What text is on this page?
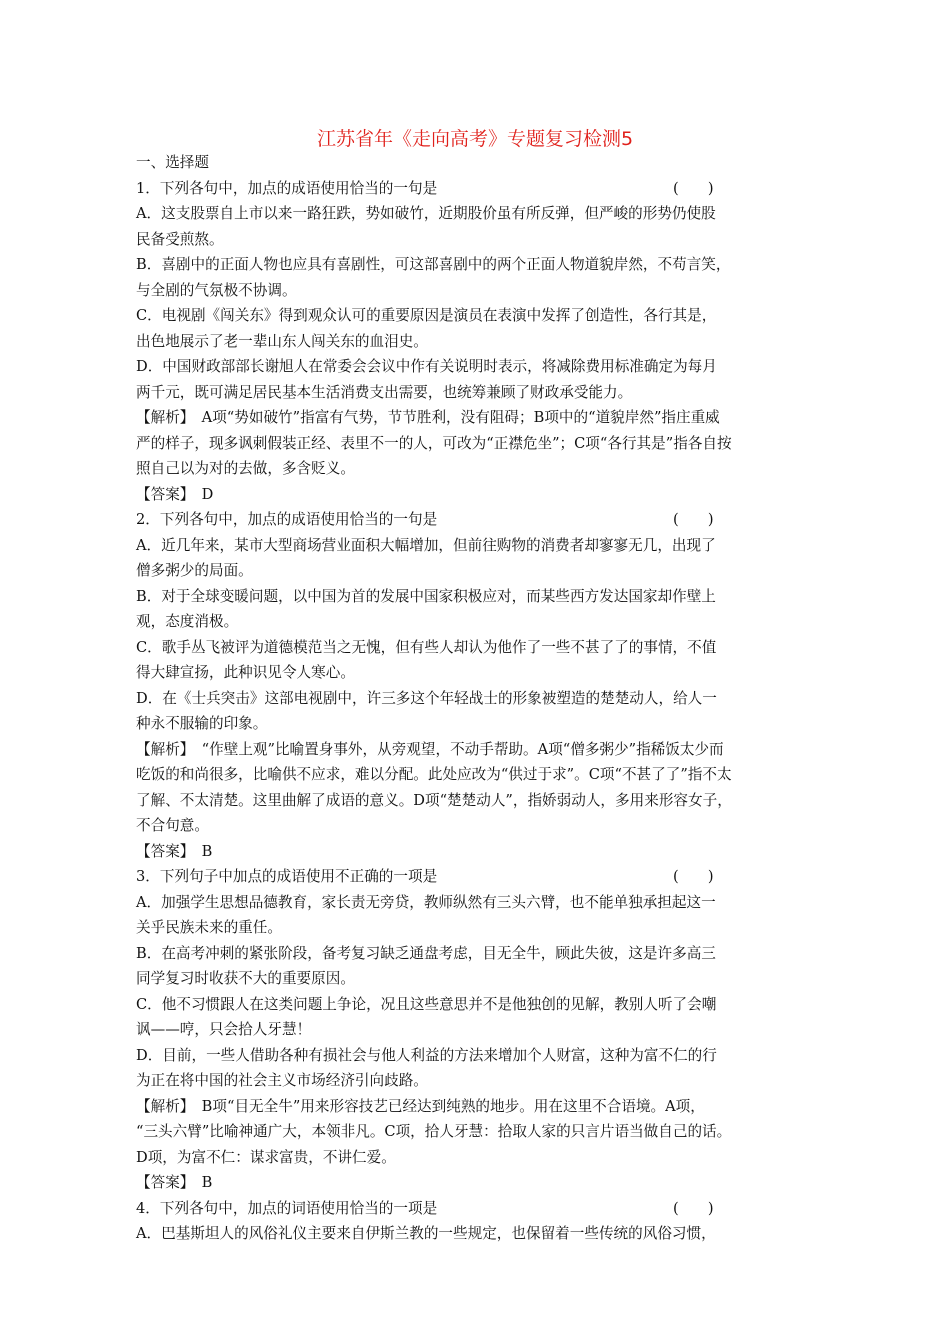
江苏省年《走向高考》专题复习检测5
一、选择题
1．下列各句中，加点的成语使用恰当的一句是	(　　)
A．这支股票自上市以来一路狂跌，势如破竹，近期股价虽有所反弹，但严峻的形势仍使股
民备受煎熬。
B．喜剧中的正面人物也应具有喜剧性，可这部喜剧中的两个正面人物道貌岸然，不苟言笑，
与全剧的气氛极不协调。
C．电视剧《闯关东》得到观众认可的重要原因是演员在表演中发挥了创造性，各行其是，
出色地展示了老一辈山东人闯关东的血泪史。
D．中国财政部部长谢旭人在常委会会议中作有关说明时表示，将减除费用标准确定为每月
两千元，既可满足居民基本生活消费支出需要，也统筹兼顾了财政承受能力。
【解析】　A项“势如破竹”指富有气势，节节胜利，没有阻碍；B项中的“道貌岸然”指庄重威
严的样子，现多讽刺假装正经、表里不一的人，可改为“正襟危坐”；C项“各行其是”指各自按
照自己以为对的去做，多含贬义。
【答案】　D
2．下列各句中，加点的成语使用恰当的一句是	(　　)
A．近几年来，某市大型商场营业面积大幅增加，但前往购物的消费者却寥寥无几，出现了
僧多粥少的局面。
B．对于全球变暖问题，以中国为首的发展中国家积极应对，而某些西方发达国家却作壁上
观，态度消极。
C．歌手丛飞被评为道德模范当之无愧，但有些人却认为他作了一些不甚了了的事情，不值
得大肆宣扬，此种识见令人寒心。
D．在《士兵突击》这部电视剧中，许三多这个年轻战士的形象被塑造的楚楚动人，给人一
种永不服输的印象。
【解析】　“作壁上观”比喻置身事外，从旁观望，不动手帮助。A项“僧多粥少”指稀饭太少而
吃饭的和尚很多，比喻供不应求，难以分配。此处应改为“供过于求”。C项“不甚了了”指不太
了解、不太清楚。这里曲解了成语的意义。D项“楚楚动人”，指娇弱动人，多用来形容女子，
不合句意。
【答案】　B
3．下列句子中加点的成语使用不正确的一项是	(　　)
A．加强学生思想品德教育，家长责无旁贷，教师纵然有三头六臂，也不能单独承担起这一
关乎民族未来的重任。
B．在高考冲刺的紧张阶段，备考复习缺乏通盘考虑，目无全牛，顾此失彼，这是许多高三
同学复习时收获不大的重要原因。
C．他不习惯跟人在这类问题上争论，况且这些意思并不是他独创的见解，教别人听了会嘲
讽——哼，只会拾人牙慧！
D．目前，一些人借助各种有损社会与他人利益的方法来增加个人财富，这种为富不仁的行
为正在将中国的社会主义市场经济引向歧路。
【解析】　B项“目无全牛”用来形容技艺已经达到纯熟的地步。用在这里不合语境。A项，
“三头六臂”比喻神通广大，本领非凡。C项，拾人牙慧：拾取人家的只言片语当做自己的话。
D项，为富不仁：谋求富贵，不讲仁爱。
【答案】　B
4．下列各句中，加点的词语使用恰当的一项是	(　　)
A．巴基斯坦人的风俗礼仪主要来自伊斯兰教的一些规定，也保留着一些传统的风俗习惯，
